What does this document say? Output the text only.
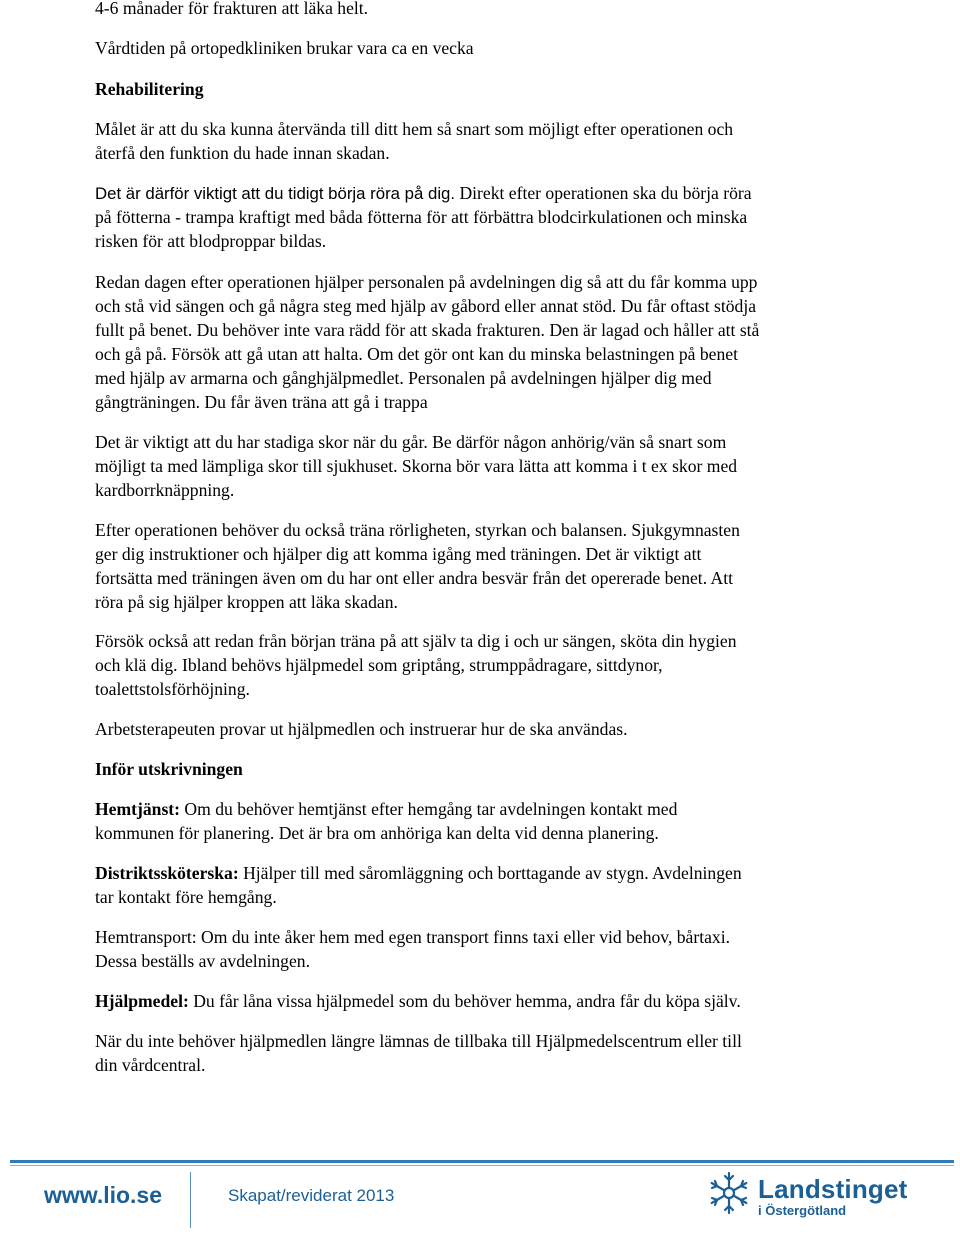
4-6 månader för frakturen att läka helt.
Vårdtiden på ortopedkliniken brukar vara ca en vecka
Rehabilitering
Målet är att du ska kunna återvända till ditt hem så snart som möjligt efter operationen och
återfå den funktion du hade innan skadan.
Det är därför viktigt att du tidigt börja röra på dig. Direkt efter operationen ska du börja röra
på fötterna - trampa kraftigt med båda fötterna för att förbättra blodcirkulationen och minska
risken för att blodproppar bildas.
Redan dagen efter operationen hjälper personalen på avdelningen dig så att du får komma upp
och stå vid sängen och gå några steg med hjälp av gåbord eller annat stöd. Du får oftast stödja
fullt på benet. Du behöver inte vara rädd för att skada frakturen. Den är lagad och håller att stå
och gå på. Försök att gå utan att halta. Om det gör ont kan du minska belastningen på benet
med hjälp av armarna och gånghjälpmedlet. Personalen på avdelningen hjälper dig med
gångträningen. Du får även träna att gå i trappa
Det är viktigt att du har stadiga skor när du går. Be därför någon anhörig/vän så snart som
möjligt ta med lämpliga skor till sjukhuset. Skorna bör vara lätta att komma i t ex skor med
kardborrknäppning.
Efter operationen behöver du också träna rörligheten, styrkan och balansen. Sjukgymnasten
ger dig instruktioner och hjälper dig att komma igång med träningen. Det är viktigt att
fortsätta med träningen även om du har ont eller andra besvär från det opererade benet. Att
röra på sig hjälper kroppen att läka skadan.
Försök också att redan från början träna på att själv ta dig i och ur sängen, sköta din hygien
och klä dig. Ibland behövs hjälpmedel som griptång, strumppådragare, sittdynor,
toalettstolsförhöjning.
Arbetsterapeuten provar ut hjälpmedlen och instruerar hur de ska användas.
Inför utskrivningen
Hemtjänst: Om du behöver hemtjänst efter hemgång tar avdelningen kontakt med
kommunen för planering. Det är bra om anhöriga kan delta vid denna planering.
Distriktssköterska: Hjälper till med såromläggning och borttagande av stygn. Avdelningen
tar kontakt före hemgång.
Hemtransport: Om du inte åker hem med egen transport finns taxi eller vid behov, bårtaxi.
Dessa beställs av avdelningen.
Hjälpmedel: Du får låna vissa hjälpmedel som du behöver hemma, andra får du köpa själv.
När du inte behöver hjälpmedlen längre lämnas de tillbaka till Hjälpmedelscentrum eller till
din vårdcentral.
www.lio.se	Skapat/reviderat 2013	Landstinget
i Östergötland
